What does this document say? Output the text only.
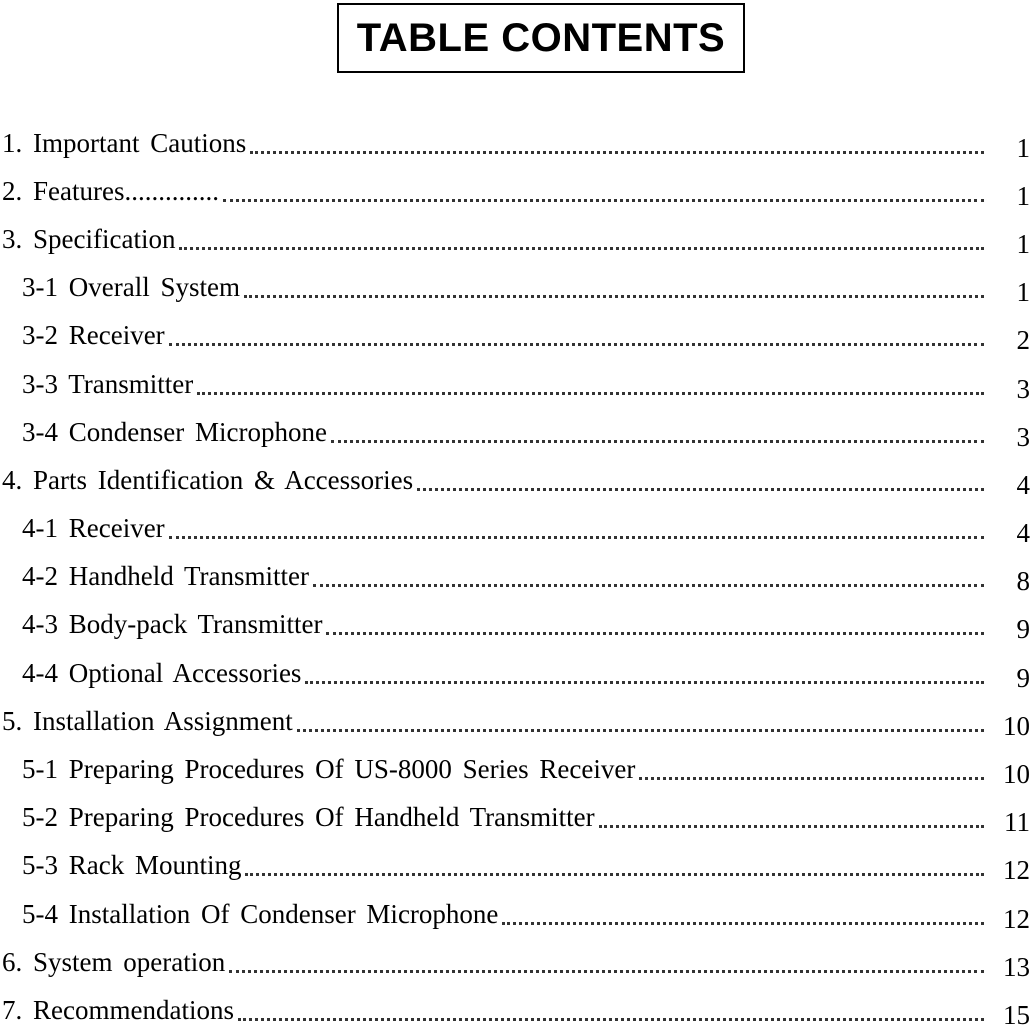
TABLE CONTENTS
1. Important Cautions	1
2. Features..............	1
3. Specification	1
3-1 Overall System	1
3-2 Receiver	2
3-3 Transmitter	3
3-4 Condenser Microphone	3
4. Parts Identification & Accessories	4
4-1 Receiver	4
4-2 Handheld Transmitter	8
4-3 Body-pack Transmitter	9
4-4 Optional Accessories	9
5. Installation Assignment	10
5-1 Preparing Procedures Of US-8000 Series Receiver	10
5-2 Preparing Procedures Of Handheld Transmitter	11
5-3 Rack Mounting	12
5-4 Installation Of Condenser Microphone	12
6. System operation	13
7. Recommendations	15
